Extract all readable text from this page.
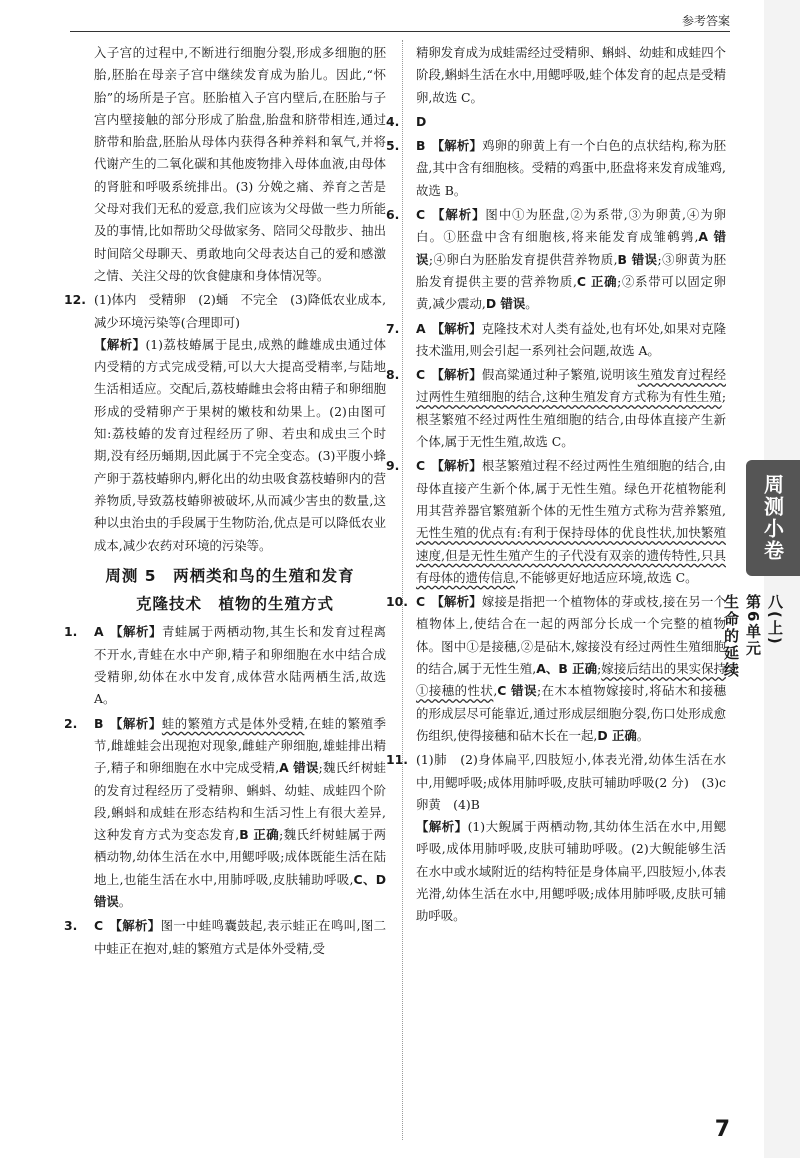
参考答案
入子宫的过程中,不断进行细胞分裂,形成多细胞的胚胎,胚胎在母亲子宫中继续发育成为胎儿。因此,“怀胎”的场所是子宫。胚胎植入子宫内壁后,在胚胎与子宫内壁接触的部分形成了胎盘,胎盘和脐带相连,通过脐带和胎盘,胚胎从母体内获得各种养料和氧气,并将代谢产生的二氧化碳和其他废物排入母体血液,由母体的肾脏和呼吸系统排出。(3) 分娩之痛、养育之苦是父母对我们无私的爱意,我们应该为父母做一些力所能及的事情,比如帮助父母做家务、陪同父母散步、抽出时间陪父母聊天、勇敢地向父母表达自己的爱和感激之情、关注父母的饮食健康和身体情况等。
12. (1)体内　受精卵　(2)蛹　不完全　(3)降低农业成本,减少环境污染等(合理即可)
【解析】(1)荔枝蝽属于昆虫,成熟的雌雄成虫通过体内受精的方式完成受精,可以大大提高受精率,与陆地生活相适应。交配后,荔枝蝽雌虫会将由精子和卵细胞形成的受精卵产于果树的嫩枝和幼果上。(2)由图可知:荔枝蝽的发育过程经历了卵、若虫和成虫三个时期,没有经历蛹期,因此属于不完全变态。(3)平腹小蜂产卵于荔枝蝽卵内,孵化出的幼虫吸食荔枝蝽卵内的营养物质,导致荔枝蝽卵被破坏,从而减少害虫的数量,这种以虫治虫的手段属于生物防治,优点是可以降低农业成本,减少农药对环境的污染等。
周测 5　两栖类和鸟的生殖和发育
克隆技术　植物的生殖方式
1.	A 【解析】青蛙属于两栖动物,其生长和发育过程离不开水,青蛙在水中产卵,精子和卵细胞在水中结合成受精卵,幼体在水中发育,成体营水陆两栖生活,故选 A。
2.	B 【解析】蛙的繁殖方式是体外受精,在蛙的繁殖季节,雌雄蛙会出现抱对现象,雌蛙产卵细胞,雄蛙排出精子,精子和卵细胞在水中完成受精,A 错误;魏氏纤树蛙的发育过程经历了受精卵、蝌蚪、幼蛙、成蛙四个阶段,蝌蚪和成蛙在形态结构和生活习性上有很大差异,这种发育方式为变态发育,B 正确;魏氏纤树蛙属于两栖动物,幼体生活在水中,用鳃呼吸;成体既能生活在陆地上,也能生活在水中,用肺呼吸,皮肤辅助呼吸,C、D 错误。
3.	C 【解析】图一中蛙鸣囊鼓起,表示蛙正在鸣叫,图二中蛙正在抱对,蛙的繁殖方式是体外受精,受
精卵发育成为成蛙需经过受精卵、蝌蚪、幼蛙和成蛙四个阶段,蝌蚪生活在水中,用鳃呼吸,蛙个体发育的起点是受精卵,故选 C。
4.	D
5.	B 【解析】鸡卵的卵黄上有一个白色的点状结构,称为胚盘,其中含有细胞核。受精的鸡蛋中,胚盘将来发育成雏鸡,故选 B。
6.	C 【解析】图中①为胚盘,②为系带,③为卵黄,④为卵白。①胚盘中含有细胞核,将来能发育成雏鹌鹑,A 错误;④卵白为胚胎发育提供营养物质,B 错误;③卵黄为胚胎发育提供主要的营养物质,C 正确;②系带可以固定卵黄,减少震动,D 错误。
7.	A 【解析】克隆技术对人类有益处,也有坏处,如果对克隆技术滥用,则会引起一系列社会问题,故选 A。
8.	C 【解析】假高粱通过种子繁殖,说明该生殖发育过程经过两性生殖细胞的结合,这种生殖发育方式称为有性生殖;根茎繁殖不经过两性生殖细胞的结合,由母体直接产生新个体,属于无性生殖,故选 C。
9.	C 【解析】根茎繁殖过程不经过两性生殖细胞的结合,由母体直接产生新个体,属于无性生殖。绿色开花植物能利用其营养器官繁殖新个体的无性生殖方式称为营养繁殖,无性生殖的优点有:有利于保持母体的优良性状,加快繁殖速度,但是无性生殖产生的子代没有双亲的遗传特性,只具有母体的遗传信息,不能够更好地适应环境,故选 C。
10. C 【解析】嫁接是指把一个植物体的芽或枝,接在另一个植物体上,使结合在一起的两部分长成一个完整的植物体。图中①是接穗,②是砧木,嫁接没有经过两性生殖细胞的结合,属于无性生殖,A、B 正确;嫁接后结出的果实保持①接穗的性状,C 错误;在木本植物嫁接时,将砧木和接穗的形成层尽可能靠近,通过形成层细胞分裂,伤口处形成愈伤组织,使得接穗和砧木长在一起,D 正确。
11. (1)肺　(2)身体扁平,四肢短小,体表光滑,幼体生活在水中,用鳃呼吸;成体用肺呼吸,皮肤可辅助呼吸(2 分)　(3)c 卵黄　(4)B
【解析】(1)大鲵属于两栖动物,其幼体生活在水中,用鳃呼吸,成体用肺呼吸,皮肤可辅助呼吸。(2)大鲵能够生活在水中或水域附近的结构特征是身体扁平,四肢短小,体表光滑,幼体生活在水中,用鳃呼吸;成体用肺呼吸,皮肤可辅助呼吸。
周测小卷
八(上)
第6单元
生命的延续
7
